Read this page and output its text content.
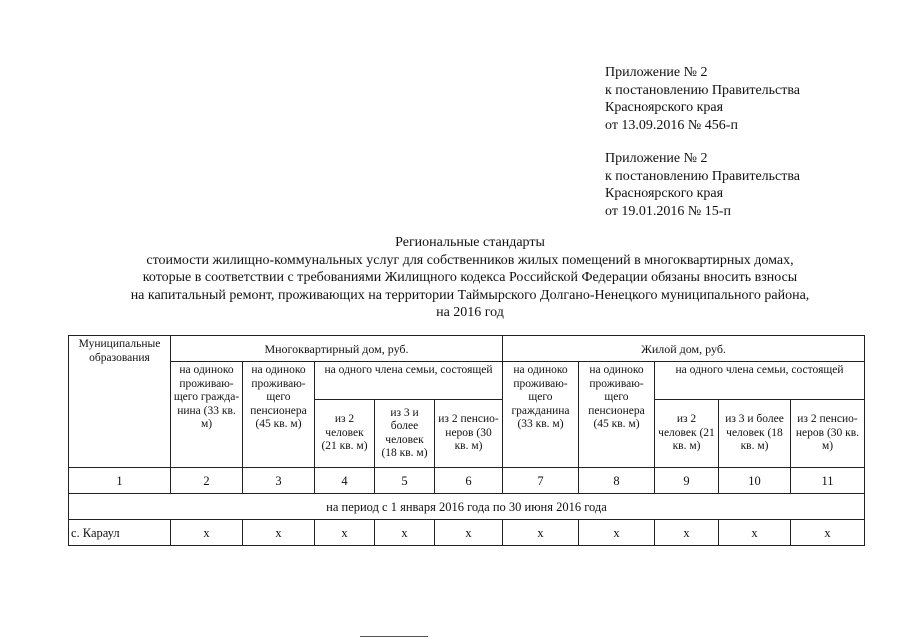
Приложение № 2
к постановлению Правительства
Красноярского края
от 13.09.2016 № 456-п
Приложение № 2
к постановлению Правительства
Красноярского края
от 19.01.2016 № 15-п
Региональные стандарты
стоимости жилищно-коммунальных услуг для собственников жилых помещений в многоквартирных домах,
которые в соответствии с требованиями Жилищного кодекса Российской Федерации обязаны вносить взносы
на капитальный ремонт, проживающих на территории Таймырского Долгано-Ненецкого муниципального района,
на 2016 год
Муниципальные образования	Многоквартирный дом, руб.					Жилой дом, руб.				
	на одиноко проживаю-щего гражда-нина (33 кв. м)	на одиноко проживаю-щего пенсионера (45 кв. м)	на одного члена семьи, состоящей			на одиноко проживаю-щего гражданина (33 кв. м)	на одиноко проживаю-щего пенсионера (45 кв. м)	на одного члена семьи, состоящей		
			из 2 человек (21 кв. м)	из 3 и более человек (18 кв. м)	из 2 пенсио-неров (30 кв. м)			из 2 человек (21 кв. м)	из 3 и более человек (18 кв. м)	из 2 пенсио-неров (30 кв. м)
1	2	3	4	5	6	7	8	9	10	11
на период с 1 января 2016 года по 30 июня 2016 года										
с. Караул	х	х	х	х	х	х	х	х	х	х
